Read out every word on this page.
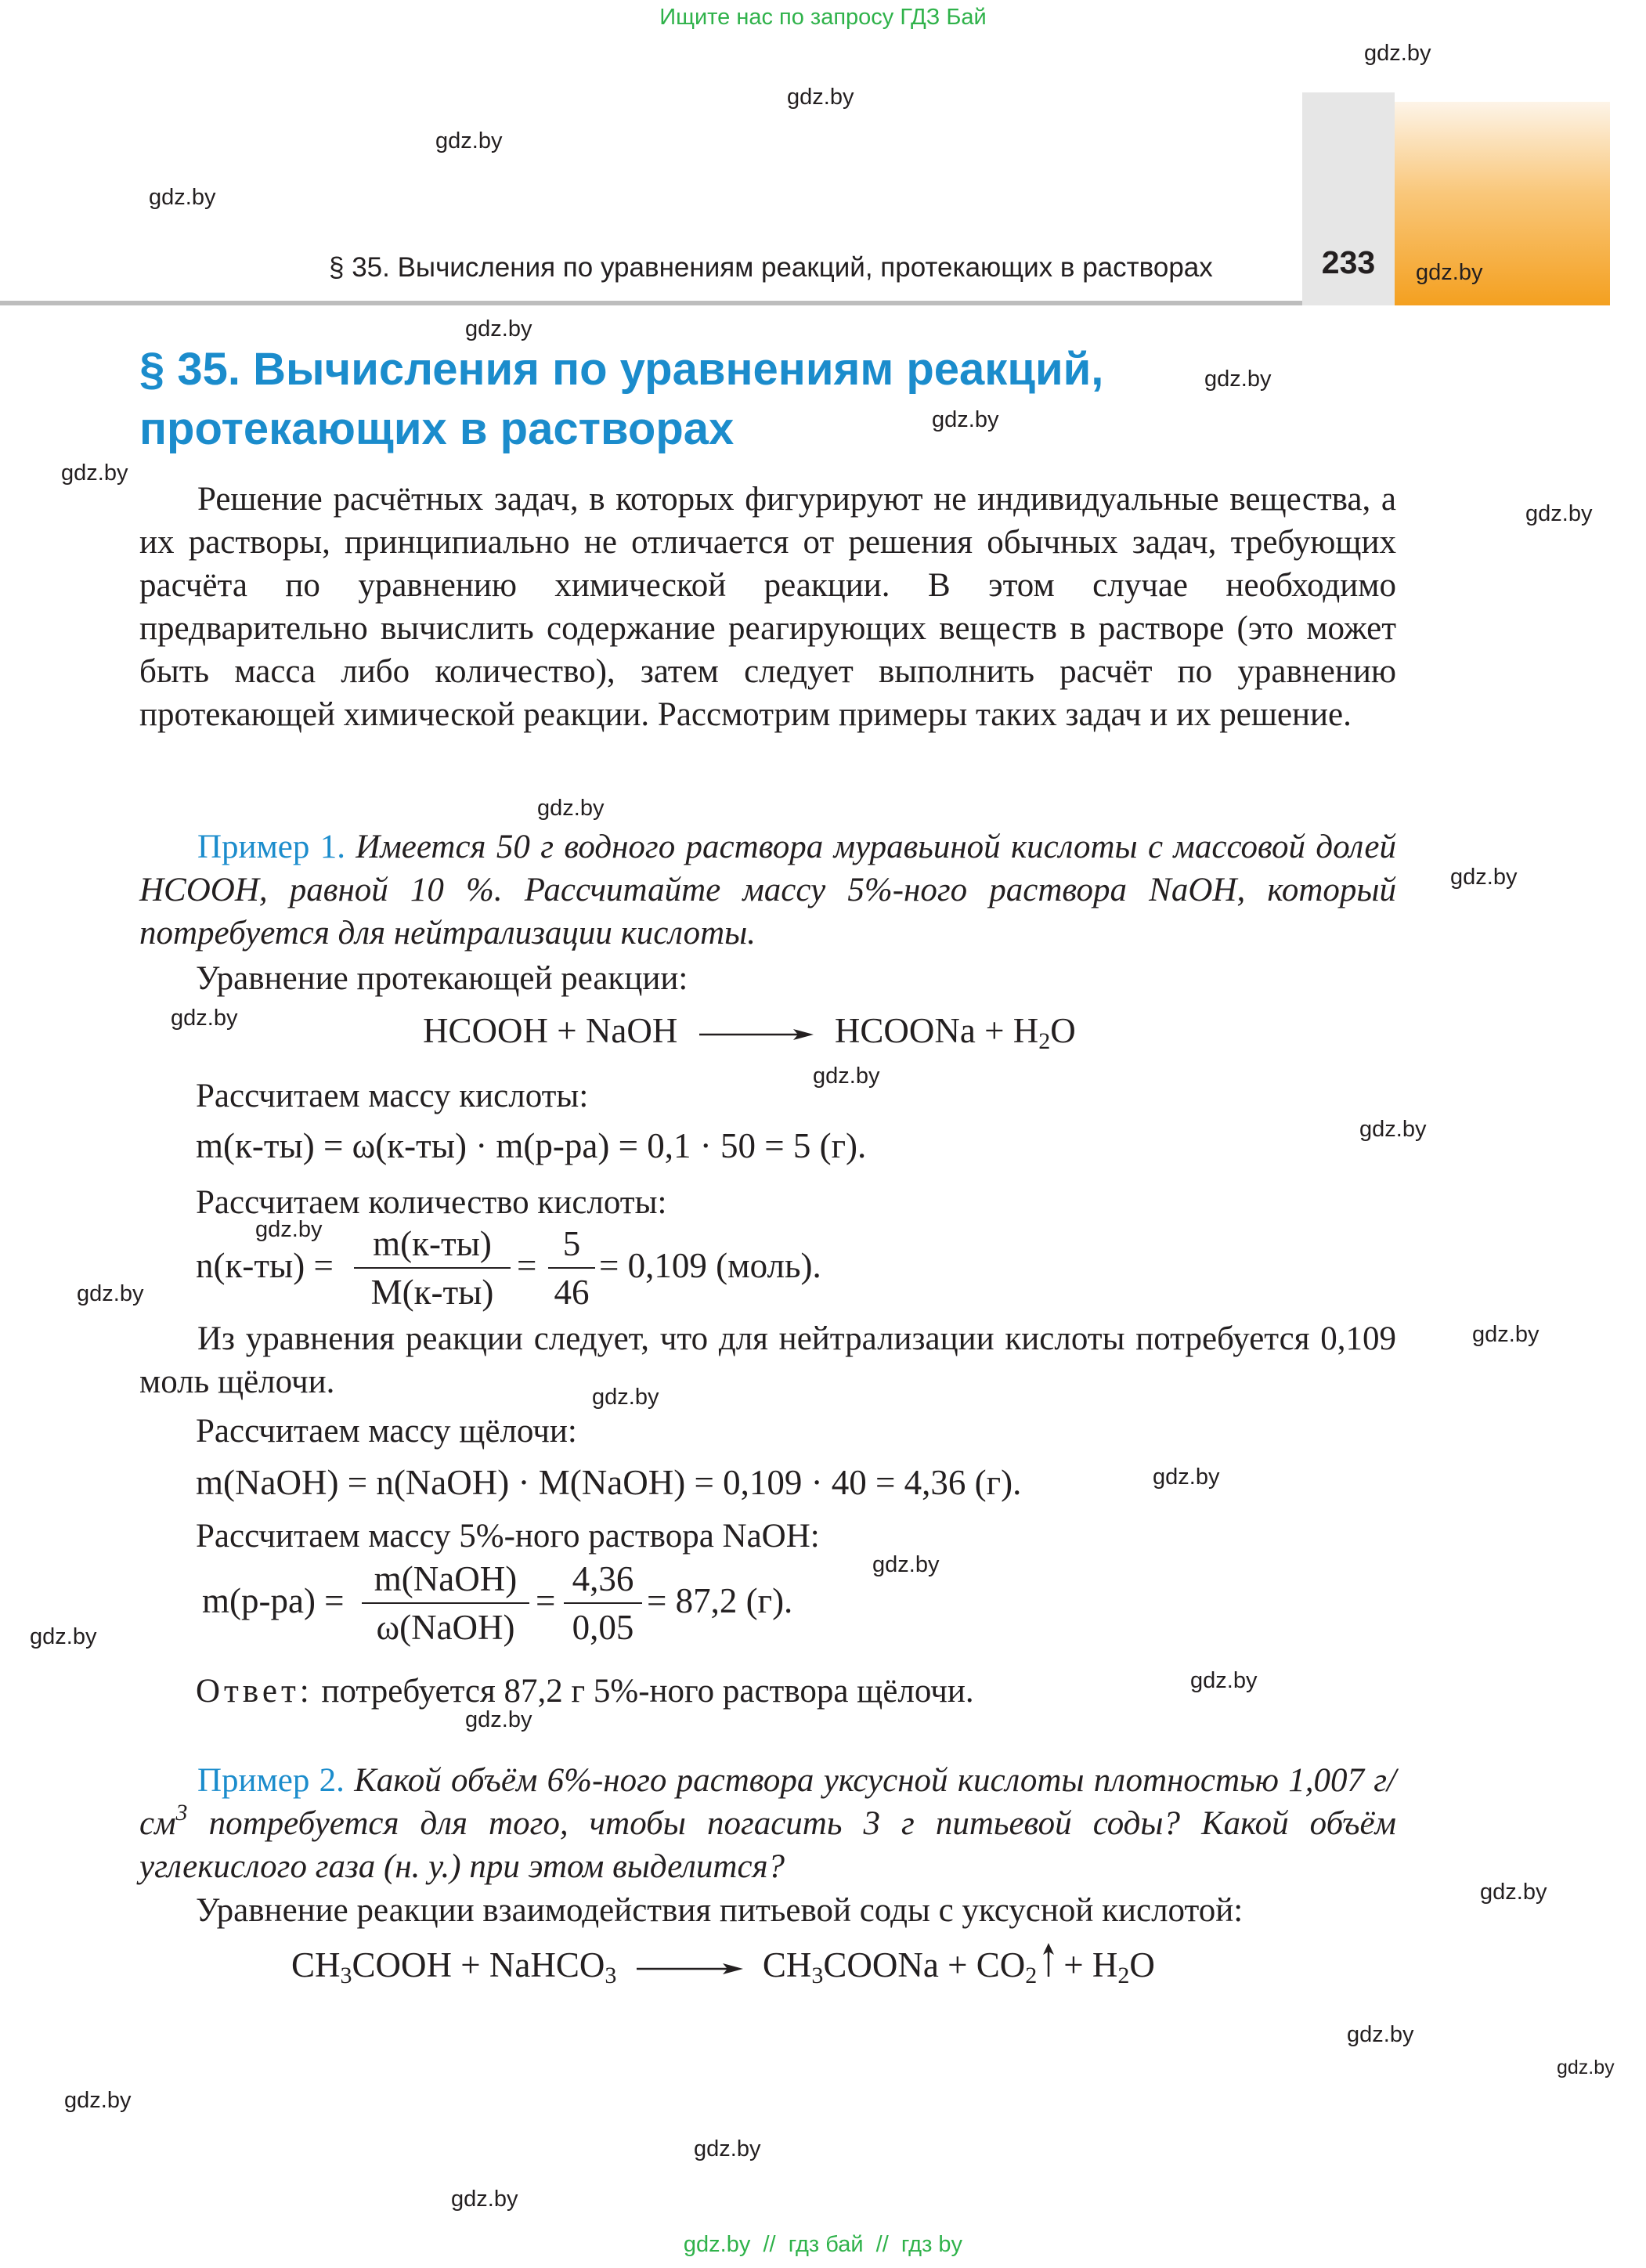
Ищите нас по запросу ГДЗ Бай
§ 35. Вычисления по уравнениям реакций, протекающих в растворах	233
§ 35. Вычисления по уравнениям реакций,
протекающих в растворах
Решение расчётных задач, в которых фигурируют не индивидуальные вещества, а их растворы, принципиально не отличается от решения обычных задач, требующих расчёта по уравнению химической реакции. В этом случае необходимо предварительно вычислить содержание реагирующих веществ в растворе (это может быть масса либо количество), затем следует выполнить расчёт по уравнению протекающей химической реакции. Рассмотрим примеры таких задач и их решение.
Пример 1. Имеется 50 г водного раствора муравьиной кислоты с массовой долей HCOOH, равной 10 %. Рассчитайте массу 5%-ного раствора NaOH, который потребуется для нейтрализации кислоты.
Уравнение протекающей реакции:
HCOOH + NaOH → HCOONa + $H_2O$
Рассчитаем массу кислоты:
m(к-ты) = ω(к-ты) · m(р-ра) = 0,1 · 50 = 5 (г).
Рассчитаем количество кислоты:
n(к-ты) =
m(к-ты)
M(к-ты)
=
5
46
= 0,109 (моль).
Из уравнения реакции следует, что для нейтрализации кислоты потребуется 0,109 моль щёлочи.
Рассчитаем массу щёлочи:
m(NaOH) = n(NaOH) · M(NaOH) = 0,109 · 40 = 4,36 (г).
Рассчитаем массу 5%-ного раствора NaOH:
m(р-ра) =
m(NaOH)
ω(NaOH)
=
4,36
0,05
= 87,2 (г).
Ответ: потребуется 87,2 г 5%-ного раствора щёлочи.
Пример 2. Какой объём 6%-ного раствора уксусной кислоты плотностью 1,007 $г/см^3$ потребуется для того, чтобы погасить 3 г питьевой соды? Какой объём углекислого газа (н. у.) при этом выделится?
Уравнение реакции взаимодействия питьевой соды с уксусной кислотой:
$CH_3COOH$ + NaHCO$_3$ → $CH_3COONa + CO_2 + H_2O$
gdz.by
gdz.by
gdz.by
gdz.by
gdz.by
gdz.by
gdz.by
gdz.by
gdz.by
gdz.by
gdz.by
gdz.by
gdz.by
gdz.by
gdz.by
gdz.by
gdz.by
gdz.by
gdz.by
gdz.by
gdz.by
gdz.by
gdz.by
gdz.by
gdz.by
gdz.by
gdz.by
gdz.by
gdz.by
gdz.by
gdz.by  //  гдз бай  //  гдз by
